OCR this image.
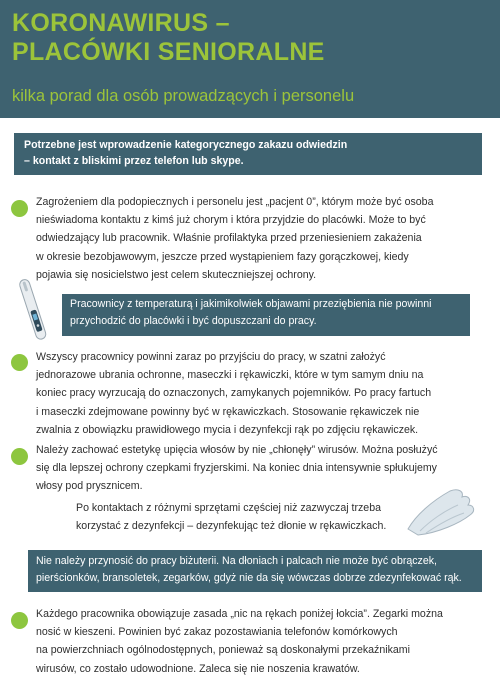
KORONAWIRUS –
PLACÓWKI SENIORALNE

kilka porad dla osób prowadzących i personelu

Potrzebne jest wprowadzenie kategorycznego zakazu odwiedzin
– kontakt z bliskimi przez telefon lub skype.

Zagrożeniem dla podopiecznych i personelu jest „pacjent 0”, którym może być osoba
nieświadoma kontaktu z kimś już chorym i która przyjdzie do placówki. Może to być
odwiedzający lub pracownik. Właśnie profilaktyka przed przeniesieniem zakażenia
w okresie bezobjawowym, jeszcze przed wystąpieniem fazy gorączkowej, kiedy
pojawia się nosicielstwo jest celem skuteczniejszej ochrony.

Pracownicy z temperaturą i jakimikolwiek objawami przeziębienia nie powinni
przychodzić do placówki i być dopuszczani do pracy.

Wszyscy pracownicy powinni zaraz po przyjściu do pracy, w szatni założyć
jednorazowe ubrania ochronne, maseczki i rękawiczki, które w tym samym dniu na
koniec pracy wyrzucają do oznaczonych, zamykanych pojemników. Po pracy fartuch
i maseczki zdejmowane powinny być w rękawiczkach. Stosowanie rękawiczek nie
zwalnia z obowiązku prawidłowego mycia i dezynfekcji rąk po zdjęciu rękawiczek.

Należy zachować estetykę upięcia włosów by nie „chłonęły” wirusów. Można posłużyć
się dla lepszej ochrony czepkami fryzjerskimi. Na koniec dnia intensywnie spłukujemy
włosy pod prysznicem.

Po kontaktach z różnymi sprzętami częściej niż zazwyczaj trzeba
korzystać z dezynfekcji – dezynfekując też dłonie w rękawiczkach.

Nie należy przynosić do pracy biżuterii. Na dłoniach i palcach nie może być obrączek,
pierścionków, bransoletek, zegarków, gdyż nie da się wówczas dobrze zdezynfekować rąk.

Każdego pracownika obowiązuje zasada „nic na rękach poniżej łokcia”. Zegarki można
nosić w kieszeni. Powinien być zakaz pozostawiania telefonów komórkowych
na powierzchniach ogólnodostępnych, ponieważ są doskonałymi przekaźnikami
wirusów, co zostało udowodnione. Zaleca się nie noszenia krawatów.
